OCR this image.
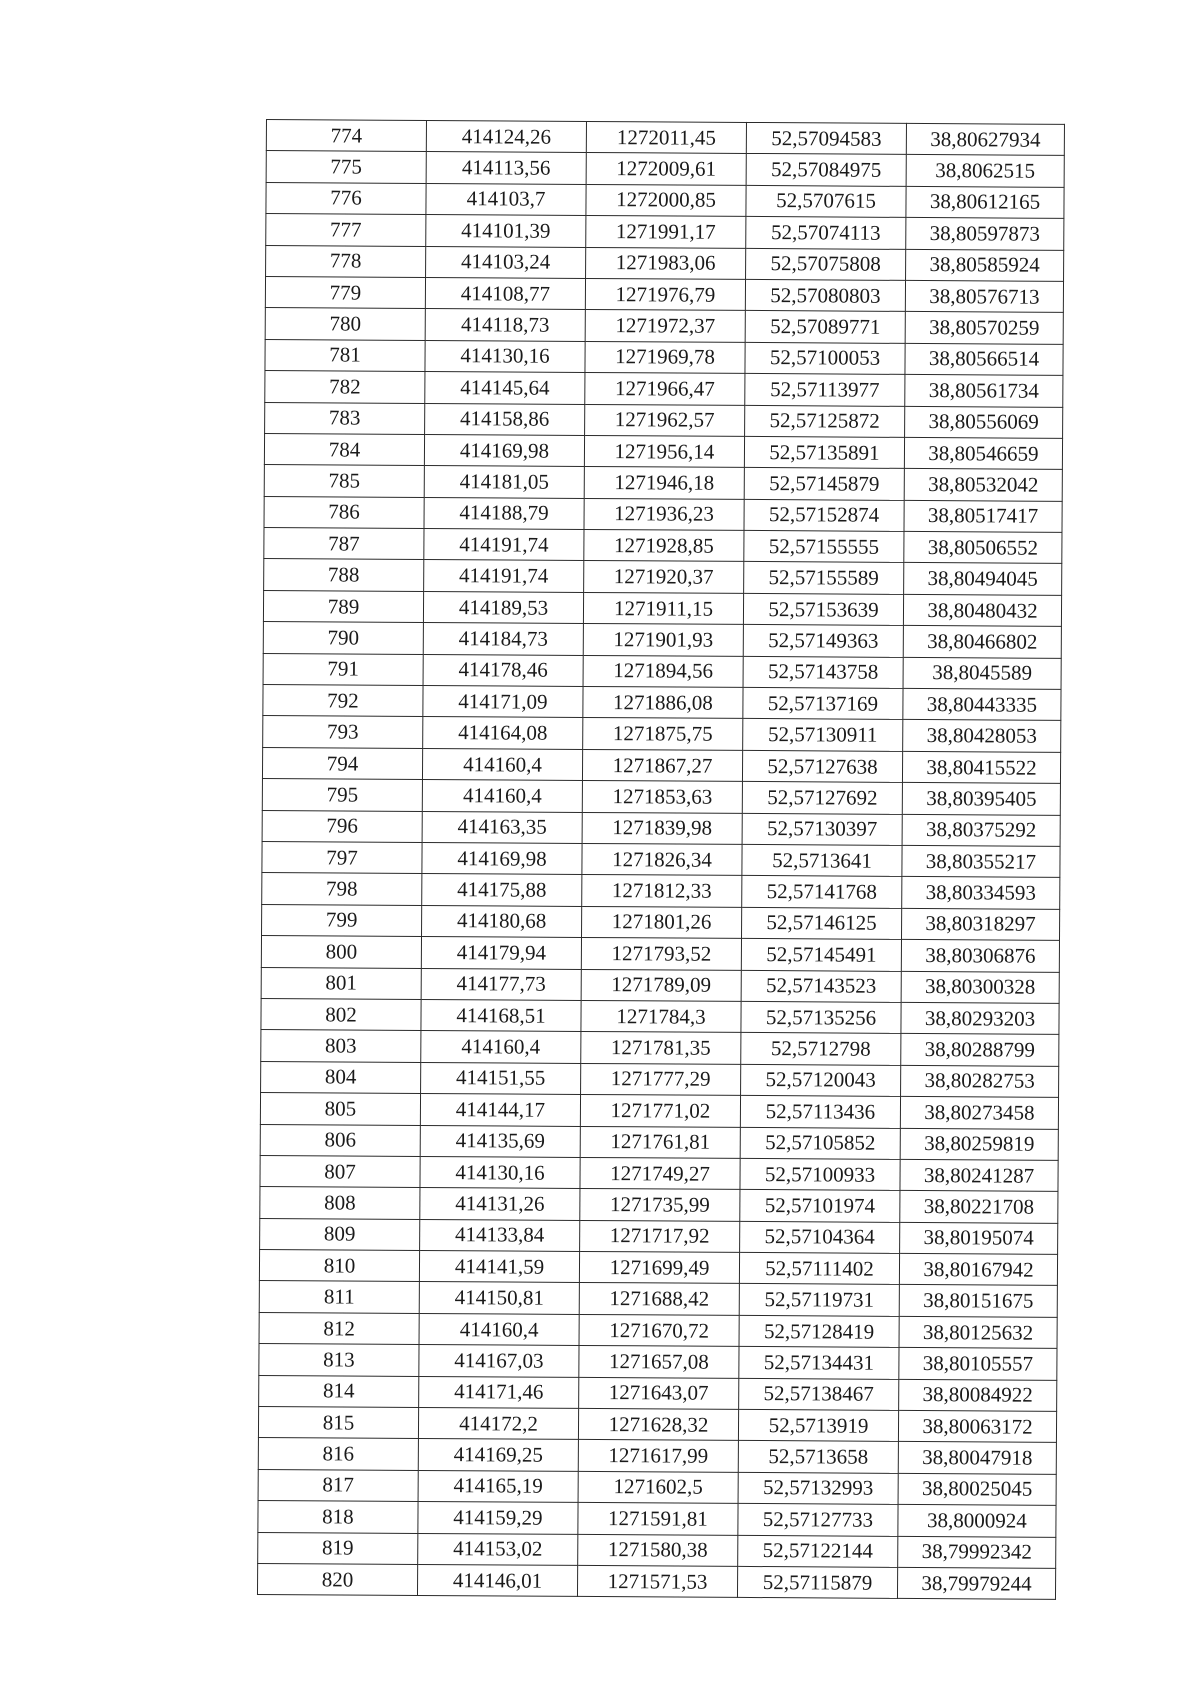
774	414124,26	1272011,45	52,57094583	38,80627934
775	414113,56	1272009,61	52,57084975	38,8062515
776	414103,7	1272000,85	52,5707615	38,80612165
777	414101,39	1271991,17	52,57074113	38,80597873
778	414103,24	1271983,06	52,57075808	38,80585924
779	414108,77	1271976,79	52,57080803	38,80576713
780	414118,73	1271972,37	52,57089771	38,80570259
781	414130,16	1271969,78	52,57100053	38,80566514
782	414145,64	1271966,47	52,57113977	38,80561734
783	414158,86	1271962,57	52,57125872	38,80556069
784	414169,98	1271956,14	52,57135891	38,80546659
785	414181,05	1271946,18	52,57145879	38,80532042
786	414188,79	1271936,23	52,57152874	38,80517417
787	414191,74	1271928,85	52,57155555	38,80506552
788	414191,74	1271920,37	52,57155589	38,80494045
789	414189,53	1271911,15	52,57153639	38,80480432
790	414184,73	1271901,93	52,57149363	38,80466802
791	414178,46	1271894,56	52,57143758	38,8045589
792	414171,09	1271886,08	52,57137169	38,80443335
793	414164,08	1271875,75	52,57130911	38,80428053
794	414160,4	1271867,27	52,57127638	38,80415522
795	414160,4	1271853,63	52,57127692	38,80395405
796	414163,35	1271839,98	52,57130397	38,80375292
797	414169,98	1271826,34	52,5713641	38,80355217
798	414175,88	1271812,33	52,57141768	38,80334593
799	414180,68	1271801,26	52,57146125	38,80318297
800	414179,94	1271793,52	52,57145491	38,80306876
801	414177,73	1271789,09	52,57143523	38,80300328
802	414168,51	1271784,3	52,57135256	38,80293203
803	414160,4	1271781,35	52,5712798	38,80288799
804	414151,55	1271777,29	52,57120043	38,80282753
805	414144,17	1271771,02	52,57113436	38,80273458
806	414135,69	1271761,81	52,57105852	38,80259819
807	414130,16	1271749,27	52,57100933	38,80241287
808	414131,26	1271735,99	52,57101974	38,80221708
809	414133,84	1271717,92	52,57104364	38,80195074
810	414141,59	1271699,49	52,57111402	38,80167942
811	414150,81	1271688,42	52,57119731	38,80151675
812	414160,4	1271670,72	52,57128419	38,80125632
813	414167,03	1271657,08	52,57134431	38,80105557
814	414171,46	1271643,07	52,57138467	38,80084922
815	414172,2	1271628,32	52,5713919	38,80063172
816	414169,25	1271617,99	52,5713658	38,80047918
817	414165,19	1271602,5	52,57132993	38,80025045
818	414159,29	1271591,81	52,57127733	38,8000924
819	414153,02	1271580,38	52,57122144	38,79992342
820	414146,01	1271571,53	52,57115879	38,79979244
